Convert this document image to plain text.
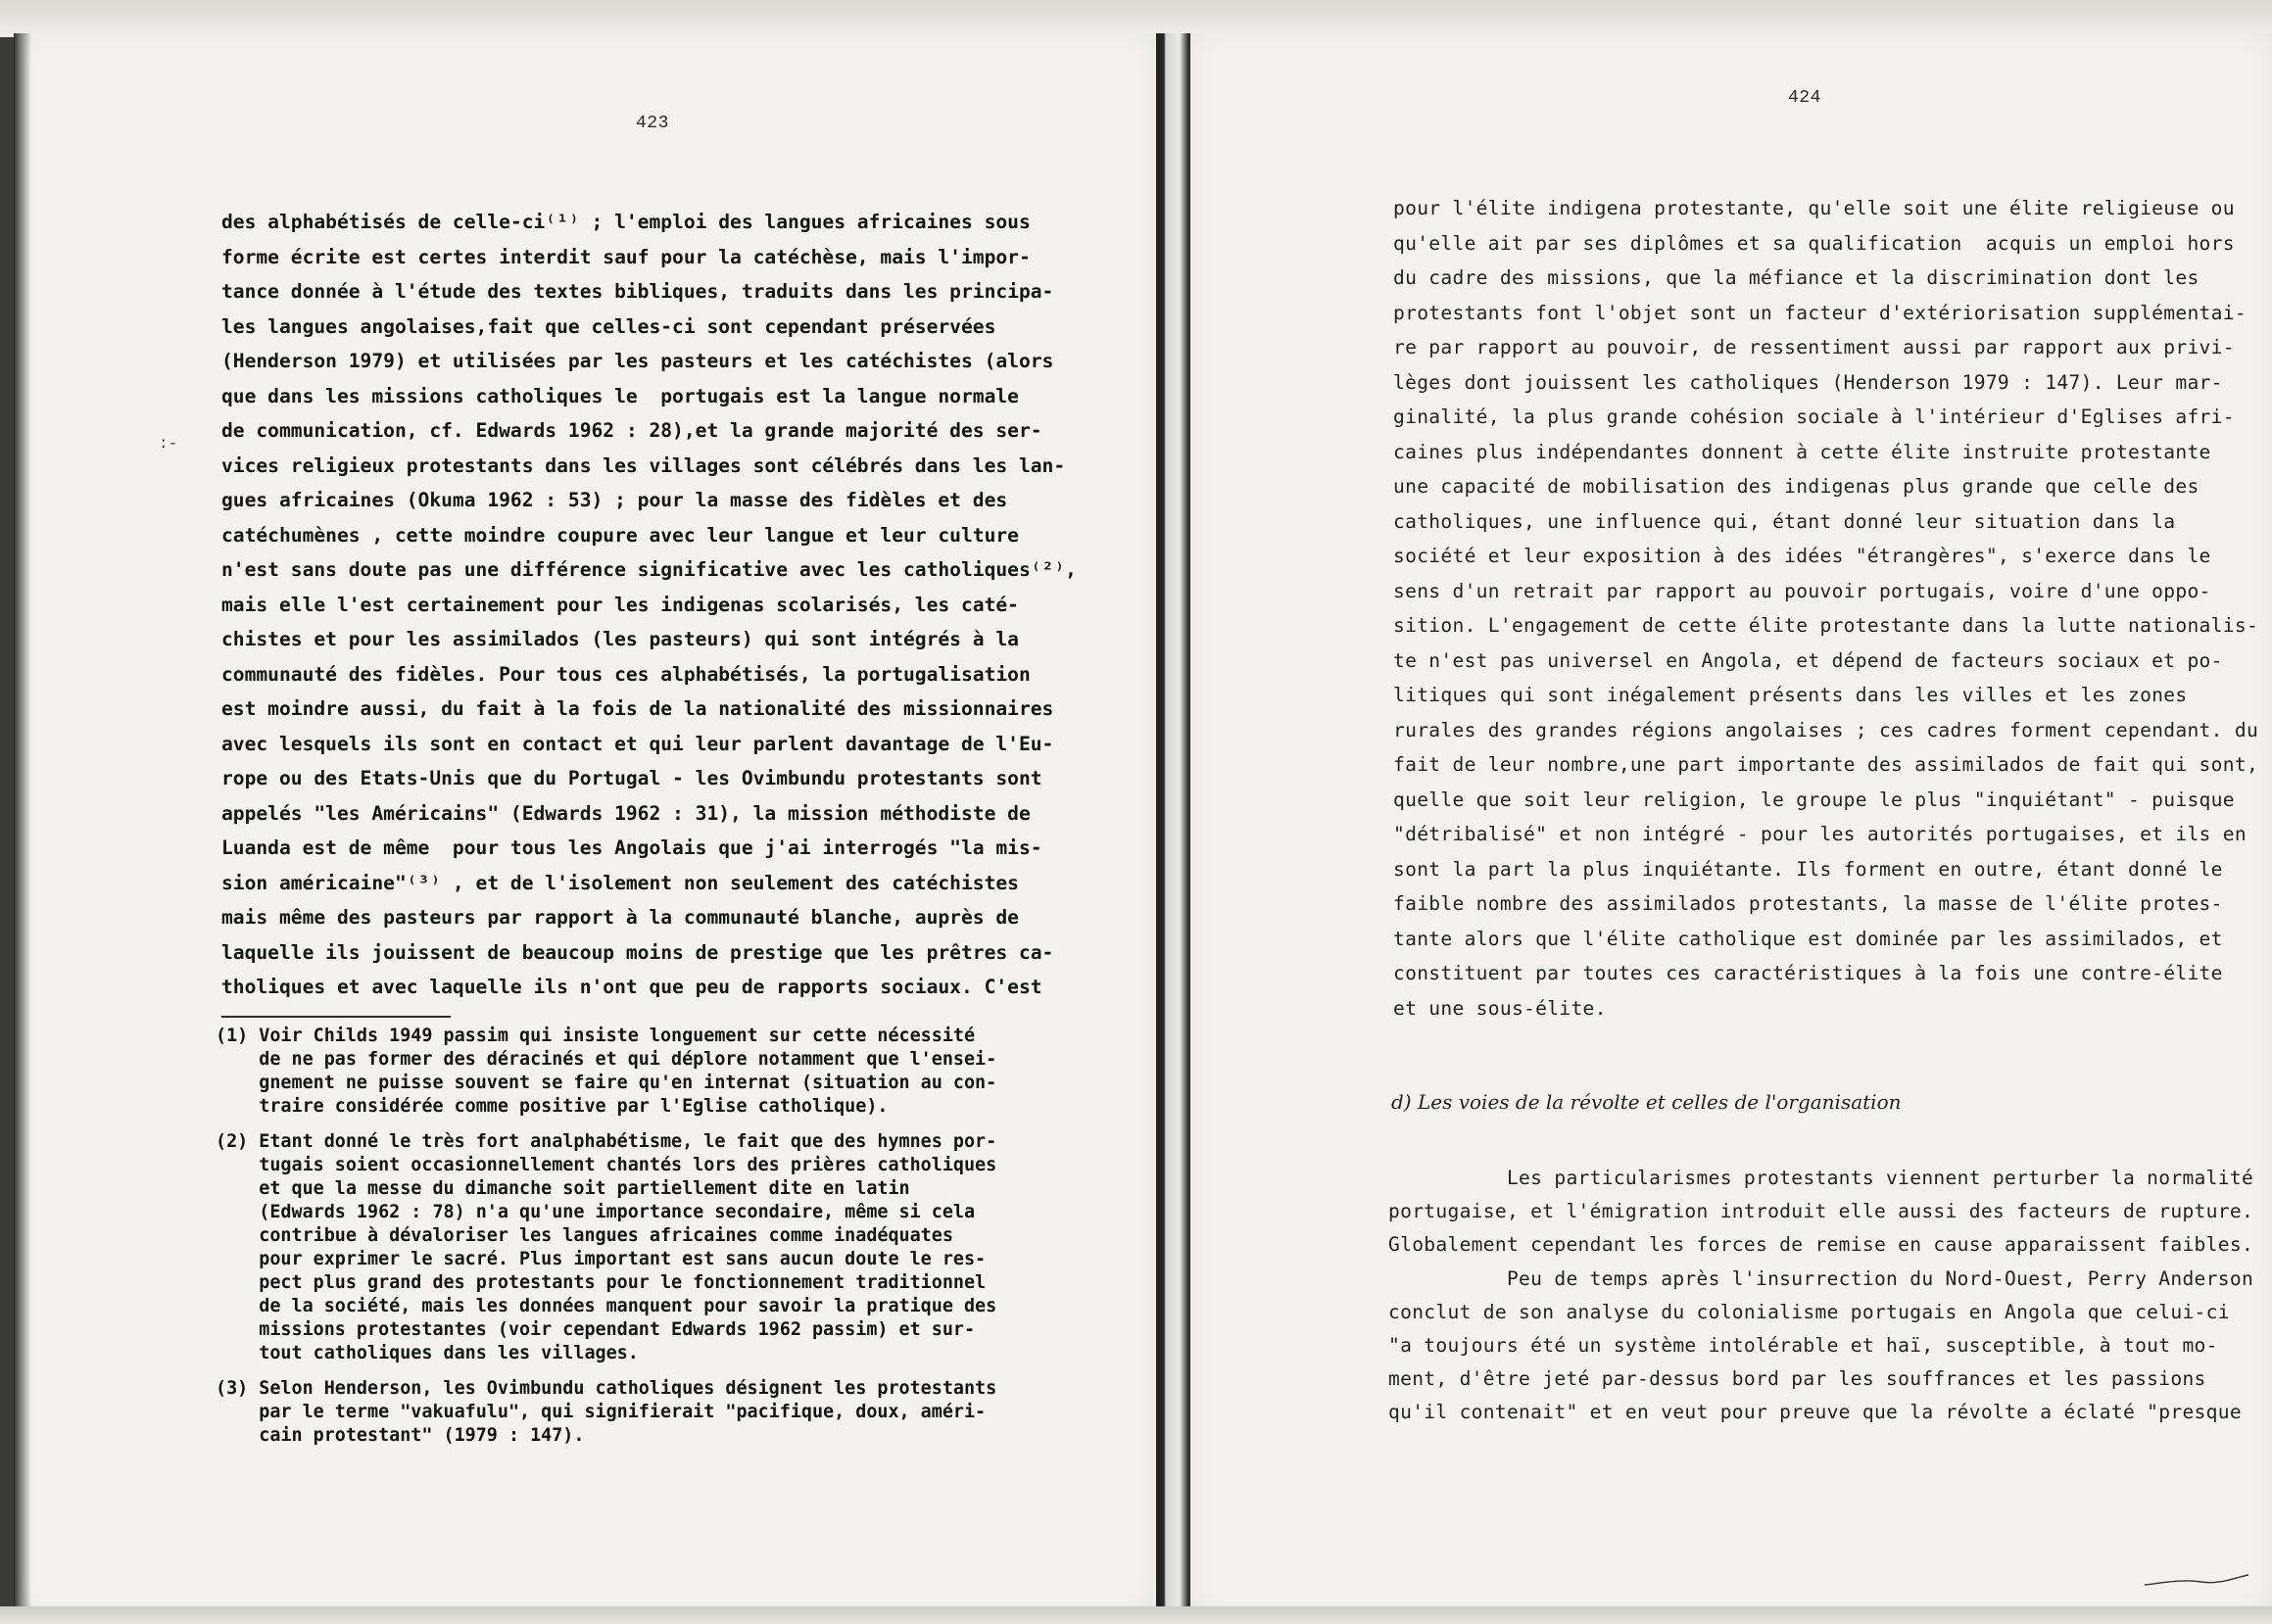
423
:-
des alphabétisés de celle-ci⁽¹⁾ ; l'emploi des langues africaines sous
forme écrite est certes interdit sauf pour la catéchèse, mais l'impor-
tance donnée à l'étude des textes bibliques, traduits dans les principa-
les langues angolaises,fait que celles-ci sont cependant préservées
(Henderson 1979) et utilisées par les pasteurs et les catéchistes (alors
que dans les missions catholiques le  portugais est la langue normale
de communication, cf. Edwards 1962 : 28),et la grande majorité des ser-
vices religieux protestants dans les villages sont célébrés dans les lan-
gues africaines (Okuma 1962 : 53) ; pour la masse des fidèles et des
catéchumènes , cette moindre coupure avec leur langue et leur culture
n'est sans doute pas une différence significative avec les catholiques⁽²⁾,
mais elle l'est certainement pour les indigenas scolarisés, les caté-
chistes et pour les assimilados (les pasteurs) qui sont intégrés à la
communauté des fidèles. Pour tous ces alphabétisés, la portugalisation
est moindre aussi, du fait à la fois de la nationalité des missionnaires
avec lesquels ils sont en contact et qui leur parlent davantage de l'Eu-
rope ou des Etats-Unis que du Portugal - les Ovimbundu protestants sont
appelés "les Américains" (Edwards 1962 : 31), la mission méthodiste de
Luanda est de même  pour tous les Angolais que j'ai interrogés "la mis-
sion américaine"⁽³⁾ , et de l'isolement non seulement des catéchistes
mais même des pasteurs par rapport à la communauté blanche, auprès de
laquelle ils jouissent de beaucoup moins de prestige que les prêtres ca-
tholiques et avec laquelle ils n'ont que peu de rapports sociaux. C'est
(1) Voir Childs 1949 passim qui insiste longuement sur cette nécessité
de ne pas former des déracinés et qui déplore notamment que l'ensei-
gnement ne puisse souvent se faire qu'en internat (situation au con-
traire considérée comme positive par l'Eglise catholique).
(2) Etant donné le très fort analphabétisme, le fait que des hymnes por-
tugais soient occasionnellement chantés lors des prières catholiques
et que la messe du dimanche soit partiellement dite en latin
(Edwards 1962 : 78) n'a qu'une importance secondaire, même si cela
contribue à dévaloriser les langues africaines comme inadéquates
pour exprimer le sacré. Plus important est sans aucun doute le res-
pect plus grand des protestants pour le fonctionnement traditionnel
de la société, mais les données manquent pour savoir la pratique des
missions protestantes (voir cependant Edwards 1962 passim) et sur-
tout catholiques dans les villages.
(3) Selon Henderson, les Ovimbundu catholiques désignent les protestants
par le terme "vakuafulu", qui signifierait "pacifique, doux, améri-
cain protestant" (1979 : 147).
424
pour l'élite indigena protestante, qu'elle soit une élite religieuse ou
qu'elle ait par ses diplômes et sa qualification  acquis un emploi hors
du cadre des missions, que la méfiance et la discrimination dont les
protestants font l'objet sont un facteur d'extériorisation supplémentai-
re par rapport au pouvoir, de ressentiment aussi par rapport aux privi-
lèges dont jouissent les catholiques (Henderson 1979 : 147). Leur mar-
ginalité, la plus grande cohésion sociale à l'intérieur d'Eglises afri-
caines plus indépendantes donnent à cette élite instruite protestante
une capacité de mobilisation des indigenas plus grande que celle des
catholiques, une influence qui, étant donné leur situation dans la
société et leur exposition à des idées "étrangères", s'exerce dans le
sens d'un retrait par rapport au pouvoir portugais, voire d'une oppo-
sition. L'engagement de cette élite protestante dans la lutte nationalis-
te n'est pas universel en Angola, et dépend de facteurs sociaux et po-
litiques qui sont inégalement présents dans les villes et les zones
rurales des grandes régions angolaises ; ces cadres forment cependant. du
fait de leur nombre,une part importante des assimilados de fait qui sont,
quelle que soit leur religion, le groupe le plus "inquiétant" - puisque
"détribalisé" et non intégré - pour les autorités portugaises, et ils en
sont la part la plus inquiétante. Ils forment en outre, étant donné le
faible nombre des assimilados protestants, la masse de l'élite protes-
tante alors que l'élite catholique est dominée par les assimilados, et
constituent par toutes ces caractéristiques à la fois une contre-élite
et une sous-élite.
d) Les voies de la révolte et celles de l'organisation
Les particularismes protestants viennent perturber la normalité
portugaise, et l'émigration introduit elle aussi des facteurs de rupture.
Globalement cependant les forces de remise en cause apparaissent faibles.
Peu de temps après l'insurrection du Nord-Ouest, Perry Anderson
conclut de son analyse du colonialisme portugais en Angola que celui-ci
"a toujours été un système intolérable et haï, susceptible, à tout mo-
ment, d'être jeté par-dessus bord par les souffrances et les passions
qu'il contenait" et en veut pour preuve que la révolte a éclaté "presque
